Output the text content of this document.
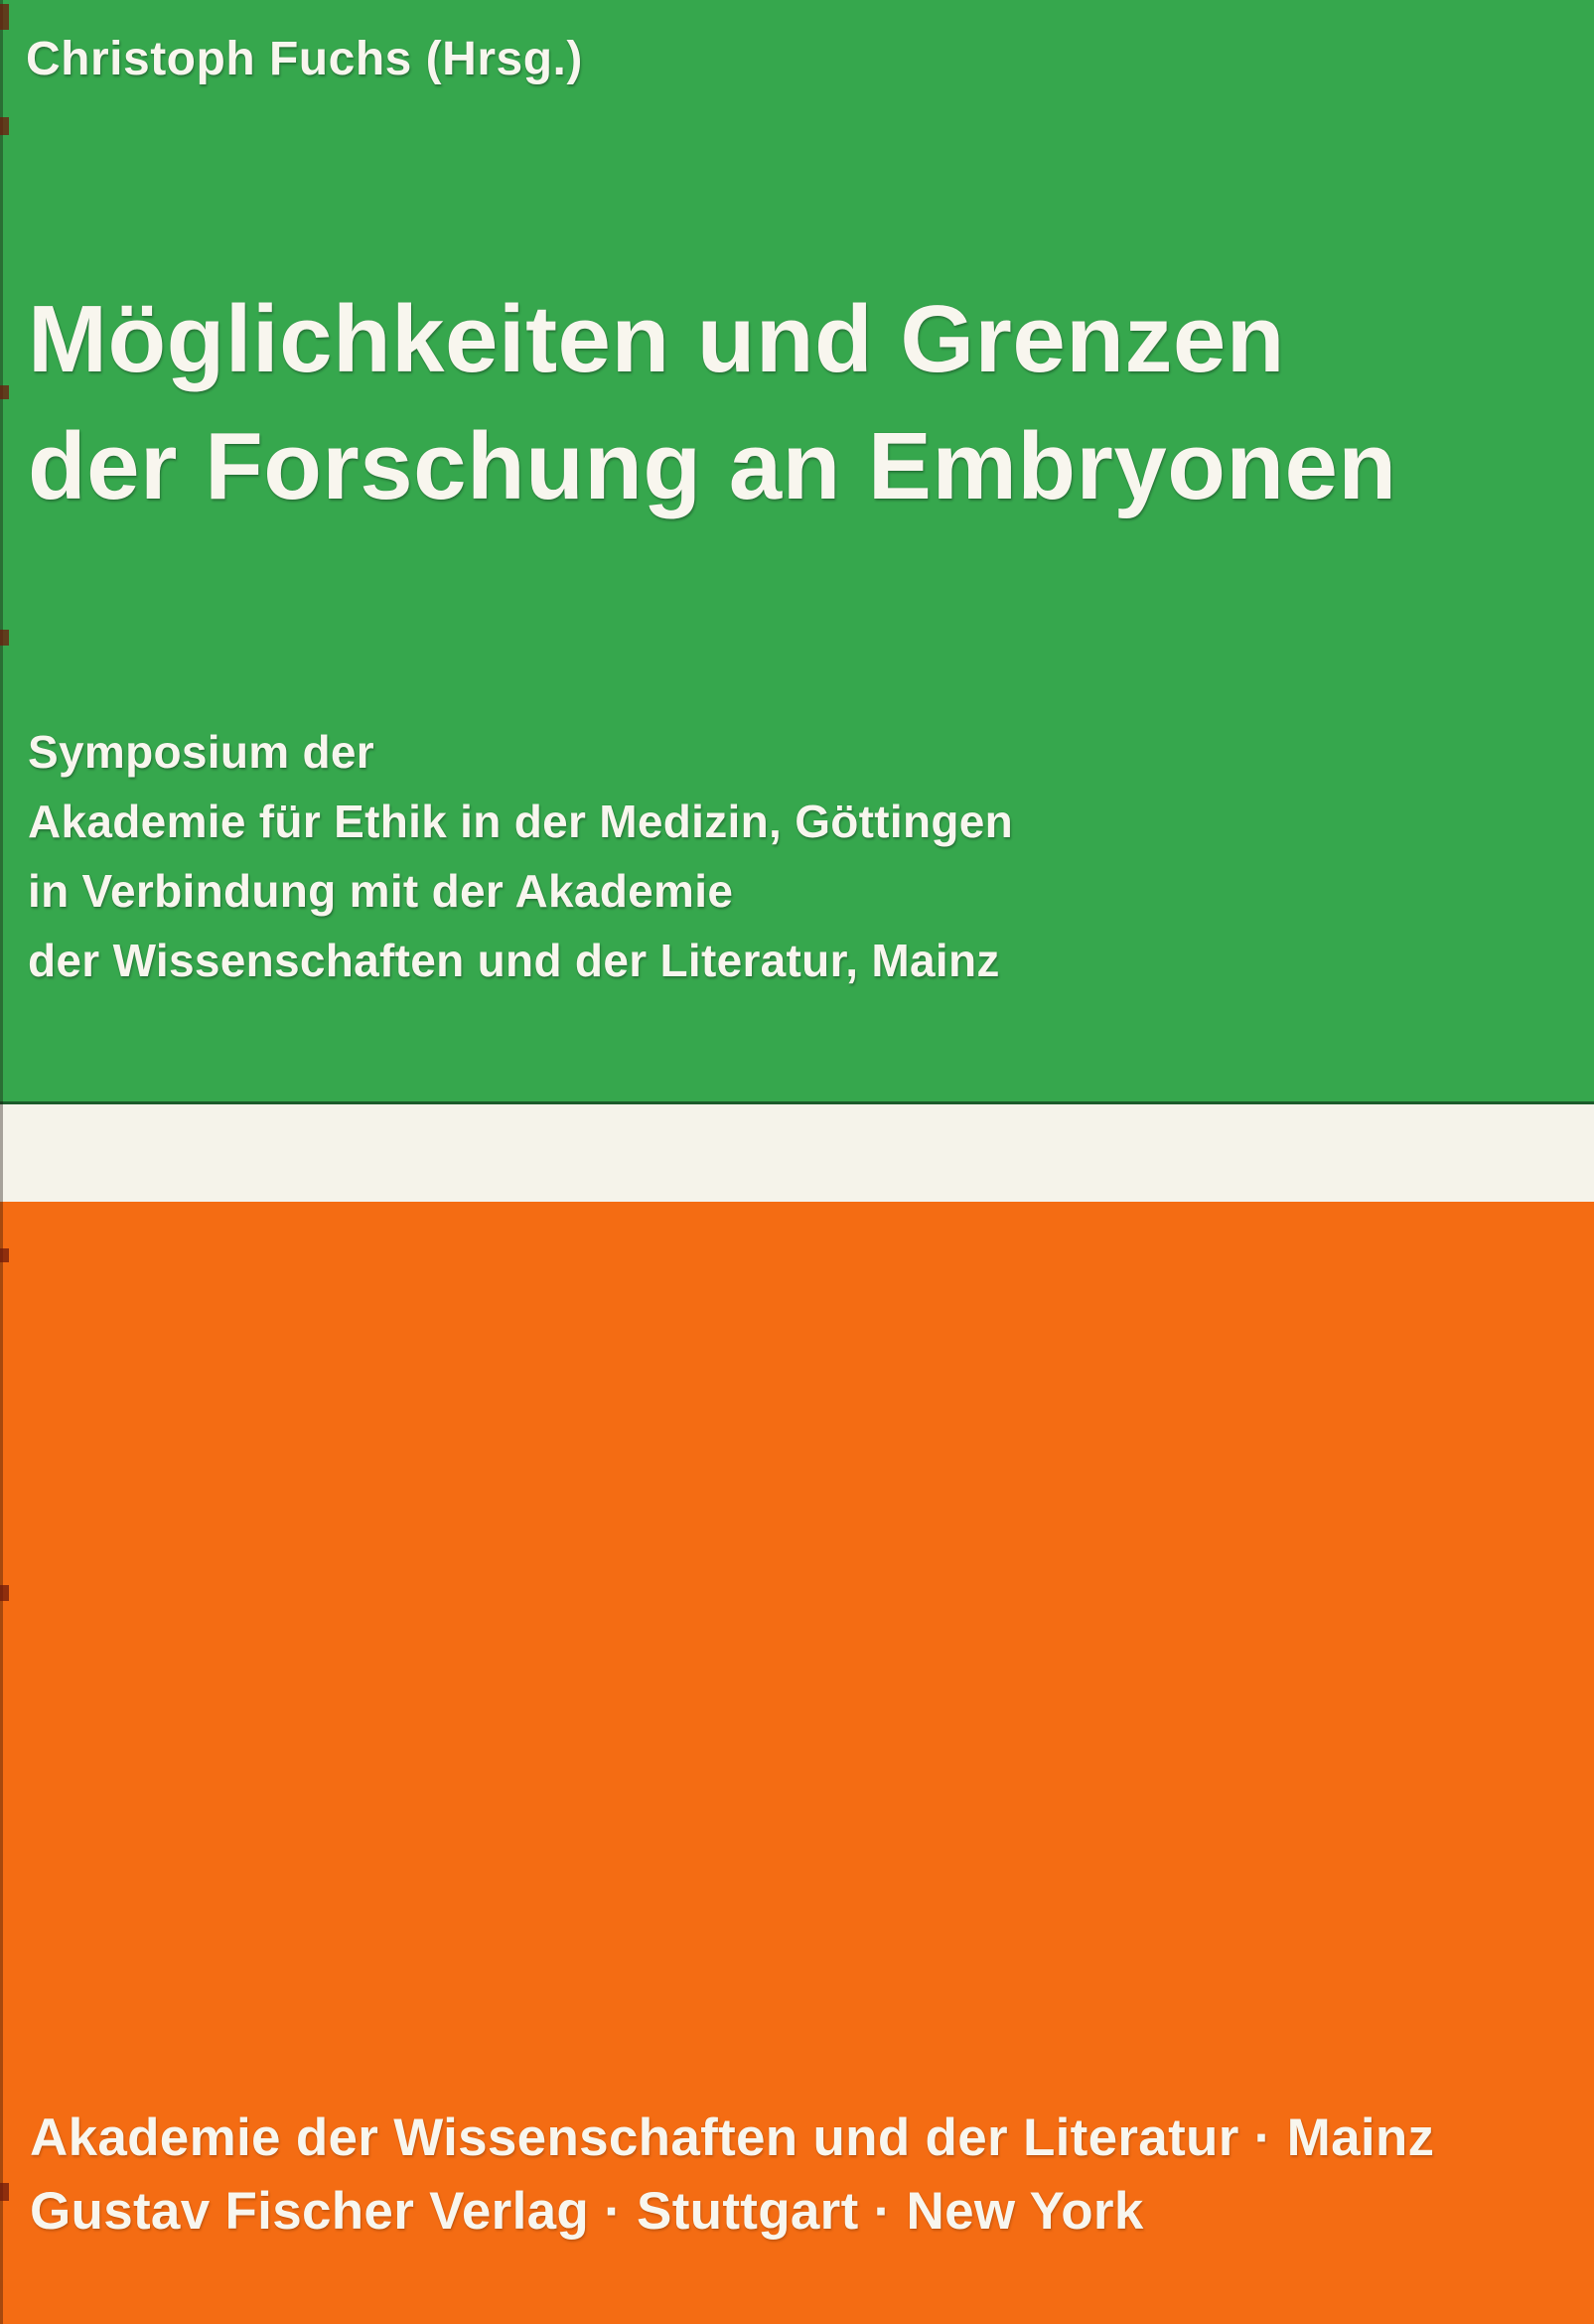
Christoph Fuchs (Hrsg.)
Möglichkeiten und Grenzen
der Forschung an Embryonen
Symposium der
Akademie für Ethik in der Medizin, Göttingen
in Verbindung mit der Akademie
der Wissenschaften und der Literatur, Mainz
Akademie der Wissenschaften und der Literatur · Mainz
Gustav Fischer Verlag · Stuttgart · New York
